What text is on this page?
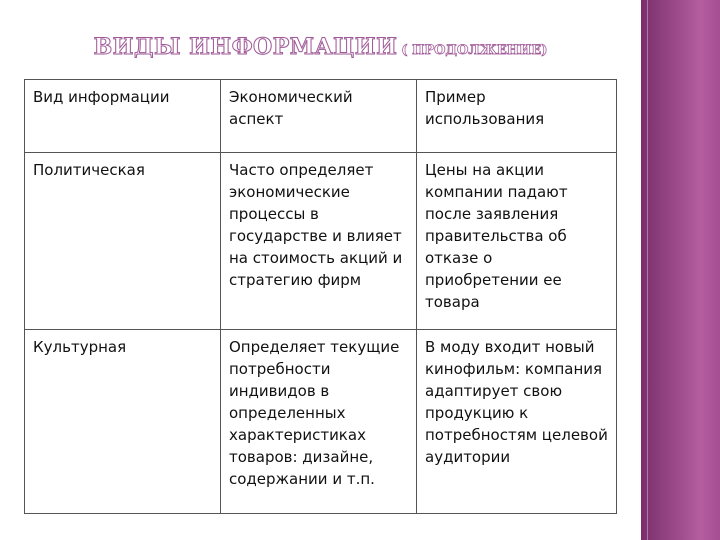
ВИДЫ ИНФОРМАЦИИ ( ПРОДОЛЖЕНИЕ)
Вид информации	Экономический аспект	Пример использования

Политическая	Часто определяет экономические процессы в государстве и влияет на стоимость акций и стратегию фирм	Цены на акции компании падают после заявления правительства об отказе о приобретении ее товара

Культурная	Определяет текущие потребности индивидов в определенных характеристиках товаров: дизайне, содержании и т.п.	В моду входит новый кинофильм: компания адаптирует свою продукцию к потребностям целевой аудитории
